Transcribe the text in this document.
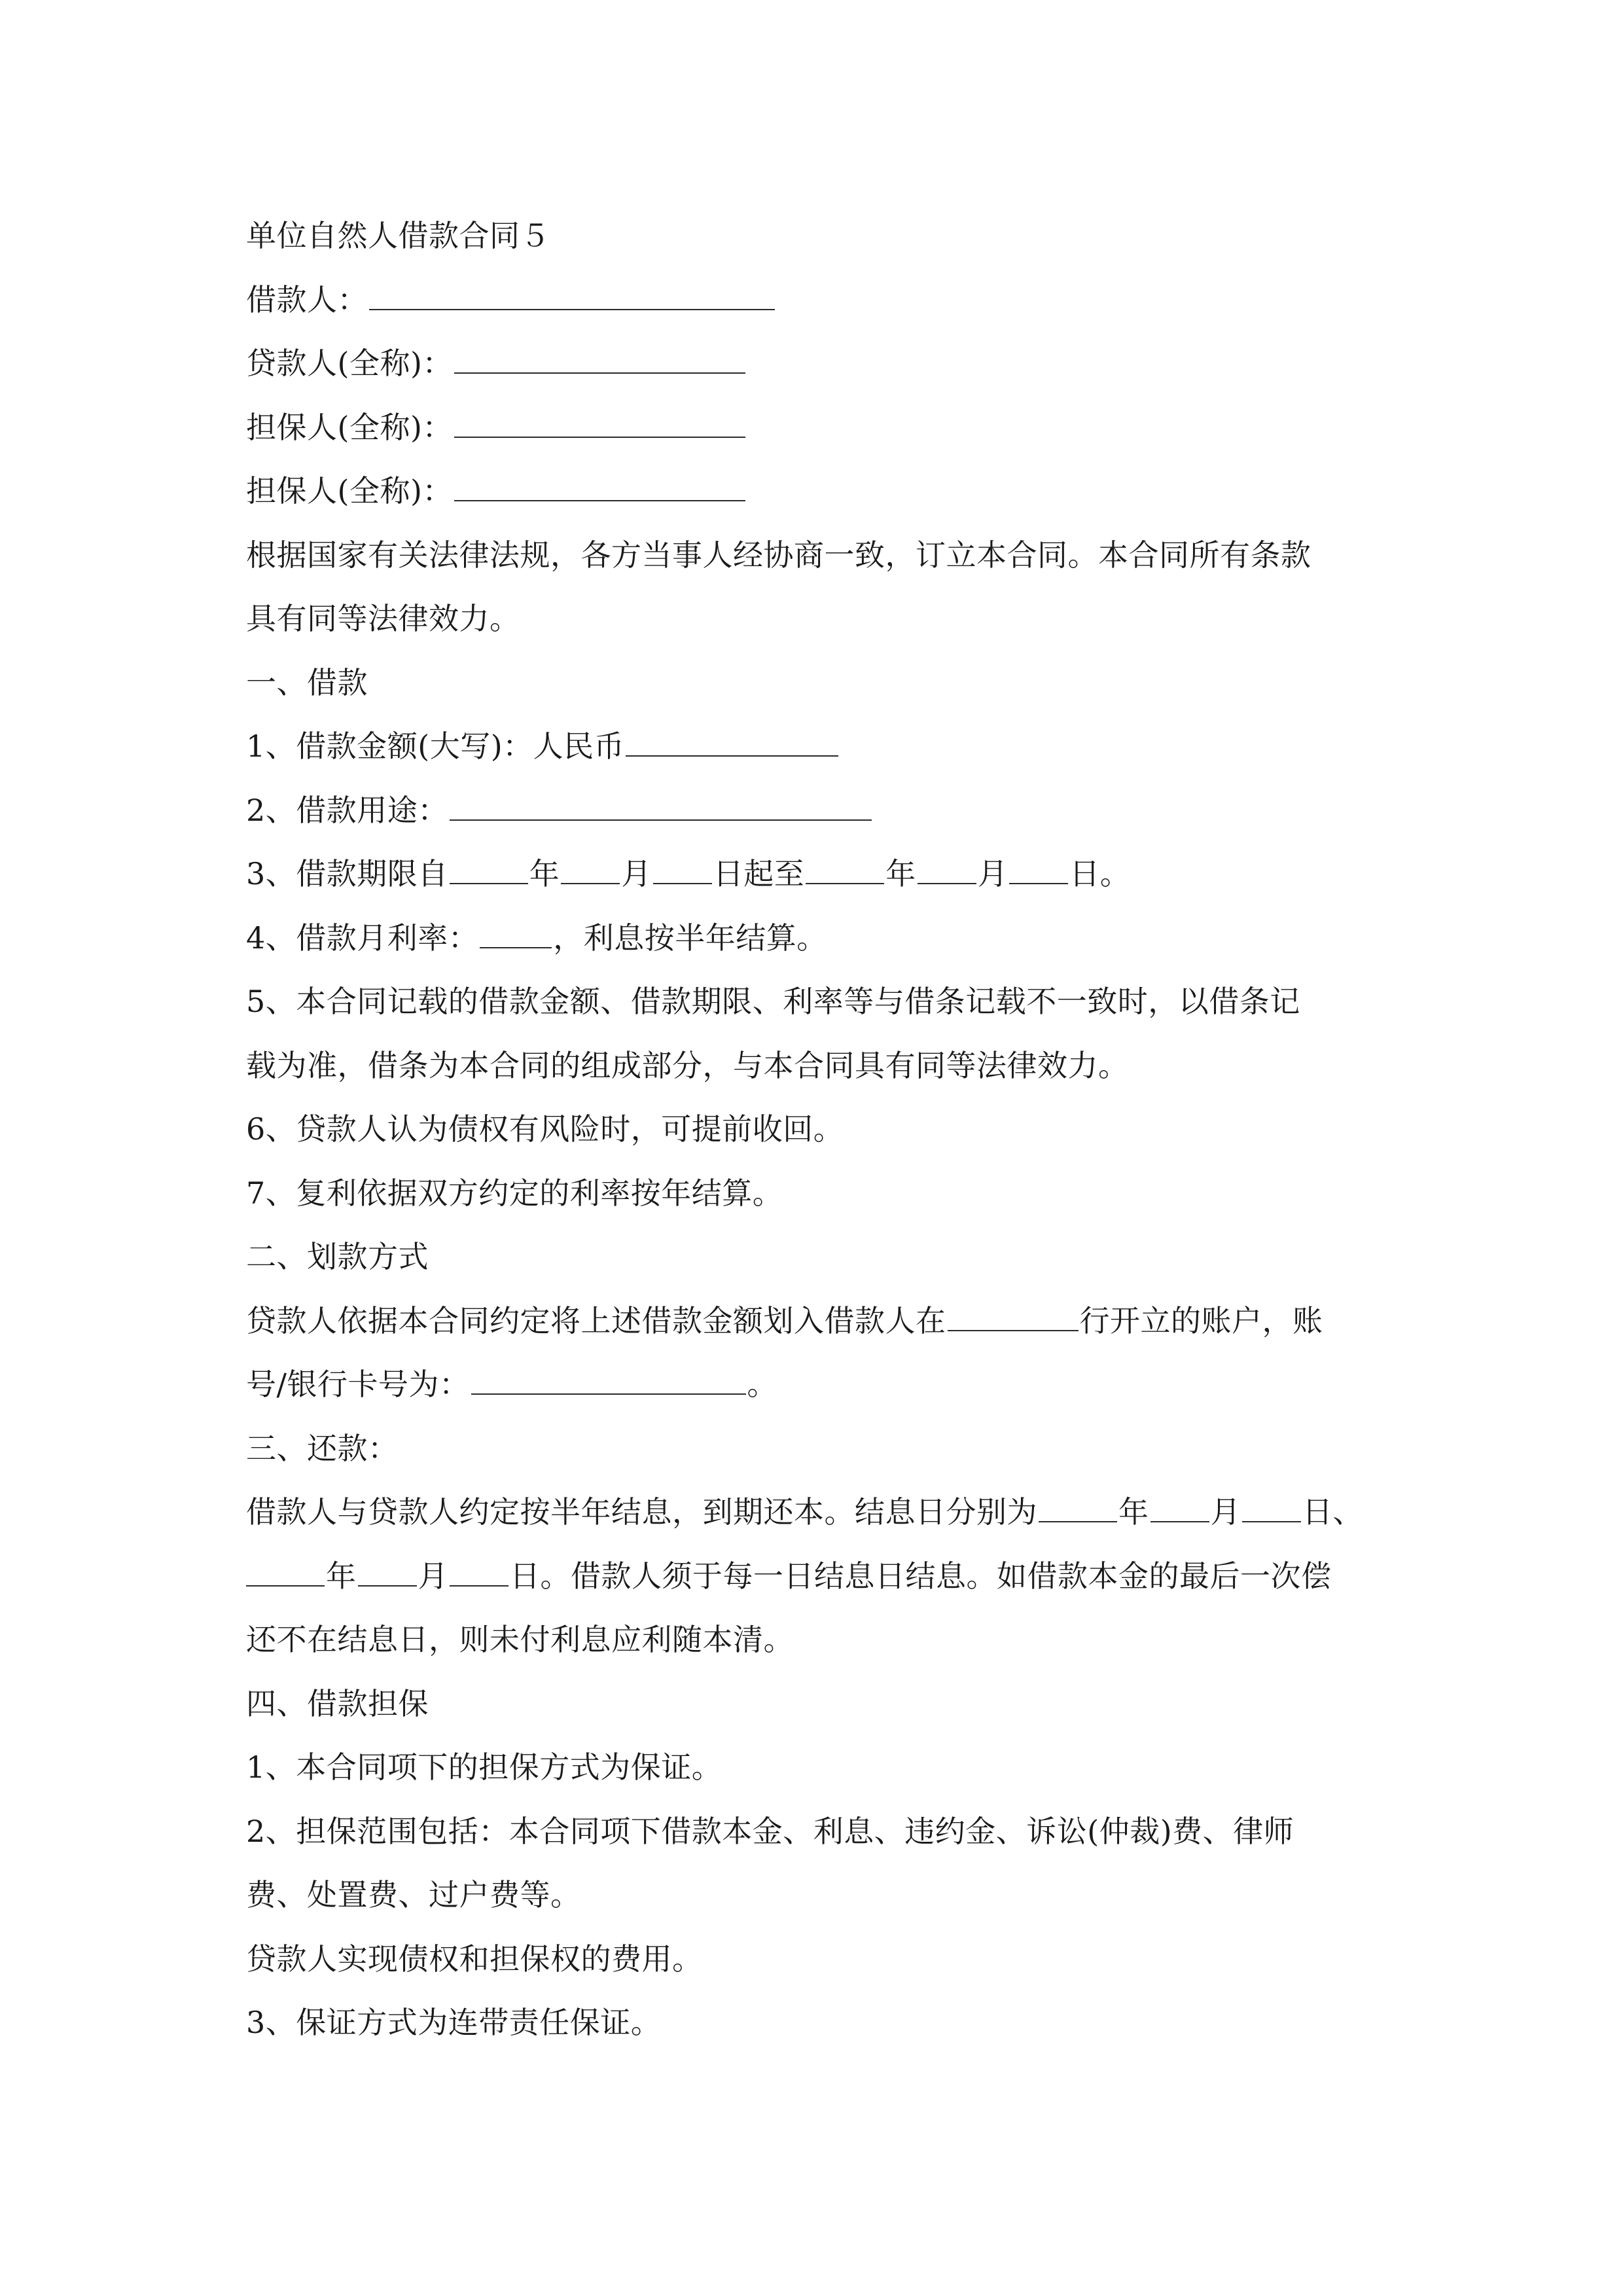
单位自然人借款合同５
借款人：
贷款人(全称)：
担保人(全称)：
担保人(全称)：
根据国家有关法律法规，各方当事人经协商一致，订立本合同。本合同所有条款
具有同等法律效力。
一、借款
1、借款金额(大写)：人民币
2、借款用途：
3、借款期限自	年 月 日起至	年 月 日。
4、借款月利率： ，利息按半年结算。
5、本合同记载的借款金额、借款期限、利率等与借条记载不一致时，以借条记
载为准，借条为本合同的组成部分，与本合同具有同等法律效力。
6、贷款人认为债权有风险时，可提前收回。
7、复利依据双方约定的利率按年结算。
二、划款方式
贷款人依据本合同约定将上述借款金额划入借款人在	行开立的账户，账
号/银行卡号为：	。
三、还款：
借款人与贷款人约定按半年结息，到期还本。结息日分别为	年 月 日、
年 月 日。借款人须于每一日结息日结息。如借款本金的最后一次偿
还不在结息日，则未付利息应利随本清。
四、借款担保
1、本合同项下的担保方式为保证。
2、担保范围包括：本合同项下借款本金、利息、违约金、诉讼(仲裁)费、律师
费、处置费、过户费等。
贷款人实现债权和担保权的费用。
3、保证方式为连带责任保证。
